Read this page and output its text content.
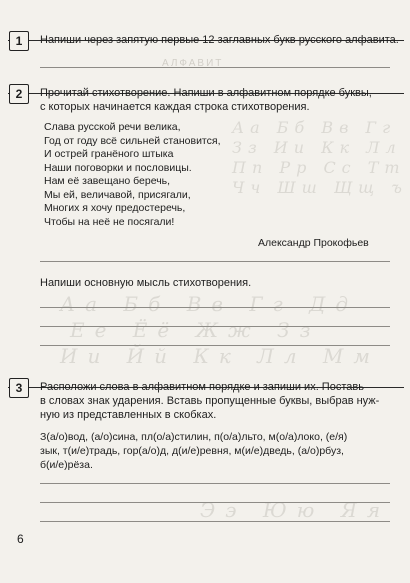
АЛФАВИТ
Аа Бб Вв Гг
Зз Ии Кк Лл
Пп Рр Сс Тт
Чч Шш Щщ ъ
Аа Бб Вв Гг Дд
Ее Ёё Жж Зз
Ии Йй Кк Лл Мм
Ээ Юю Яя
1	Напиши через запятую первые 12 заглавных букв русского алфавита.
2	Прочитай стихотворение. Напиши в алфавитном порядке буквы,
с которых начинается каждая строка стихотворения.
Слава русской речи велика,
Год от году всё сильней становится,
И острей гранёного штыка
Наши поговорки и пословицы.
Нам её завещано беречь,
Мы ей, величавой, присягали,
Многих я хочу предостеречь,
Чтобы на неё не посягали!
Александр Прокофьев
Напиши основную мысль стихотворения.
3	Расположи слова в алфавитном порядке и запиши их. Поставь
в словах знак ударения. Вставь пропущенные буквы, выбрав нуж-
ную из представленных в скобках.
З(а/о)вод, (а/о)сина, пл(о/а)стилин, п(о/а)льто, м(о/а)локо, (е/я)
зык, т(и/е)традь, гор(а/о)д, д(и/е)ревня, м(и/е)дведь, (а/о)рбуз,
б(и/е)рёза.
6
